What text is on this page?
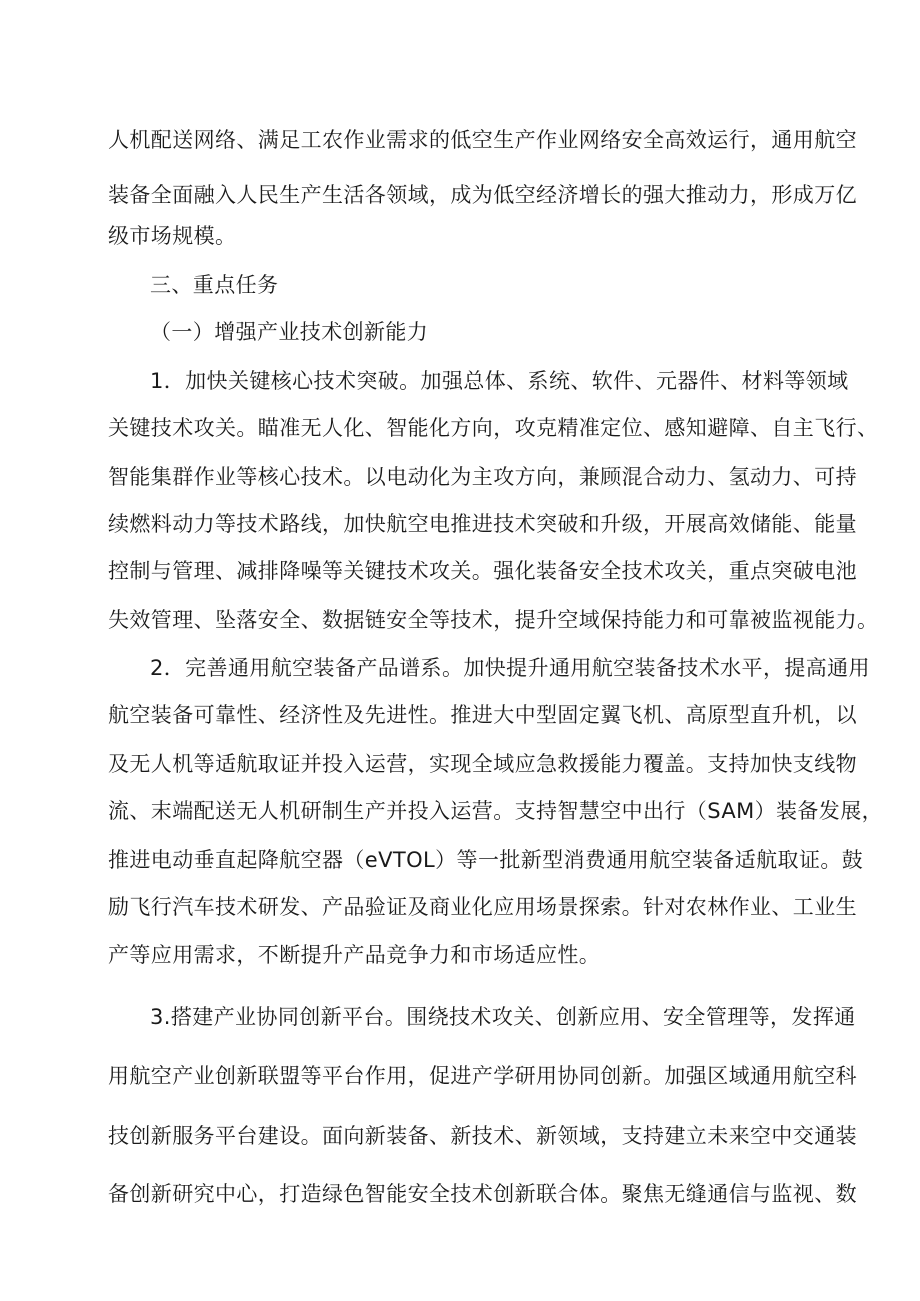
人机配送网络、满足工农作业需求的低空生产作业网络安全高效运行，通用航空
装备全面融入人民生产生活各领域，成为低空经济增长的强大推动力，形成万亿
级市场规模。
三、重点任务
（一）增强产业技术创新能力
1．加快关键核心技术突破。加强总体、系统、软件、元器件、材料等领域
关键技术攻关。瞄准无人化、智能化方向，攻克精准定位、感知避障、自主飞行、
智能集群作业等核心技术。以电动化为主攻方向，兼顾混合动力、氢动力、可持
续燃料动力等技术路线，加快航空电推进技术突破和升级，开展高效储能、能量
控制与管理、减排降噪等关键技术攻关。强化装备安全技术攻关，重点突破电池
失效管理、坠落安全、数据链安全等技术，提升空域保持能力和可靠被监视能力。
2．完善通用航空装备产品谱系。加快提升通用航空装备技术水平，提高通用
航空装备可靠性、经济性及先进性。推进大中型固定翼飞机、高原型直升机，以
及无人机等适航取证并投入运营，实现全域应急救援能力覆盖。支持加快支线物
流、末端配送无人机研制生产并投入运营。支持智慧空中出行（SAM）装备发展，
推进电动垂直起降航空器（eVTOL）等一批新型消费通用航空装备适航取证。鼓
励飞行汽车技术研发、产品验证及商业化应用场景探索。针对农林作业、工业生
产等应用需求，不断提升产品竞争力和市场适应性。
3.搭建产业协同创新平台。围绕技术攻关、创新应用、安全管理等，发挥通
用航空产业创新联盟等平台作用，促进产学研用协同创新。加强区域通用航空科
技创新服务平台建设。面向新装备、新技术、新领域，支持建立未来空中交通装
备创新研究中心，打造绿色智能安全技术创新联合体。聚焦无缝通信与监视、数
